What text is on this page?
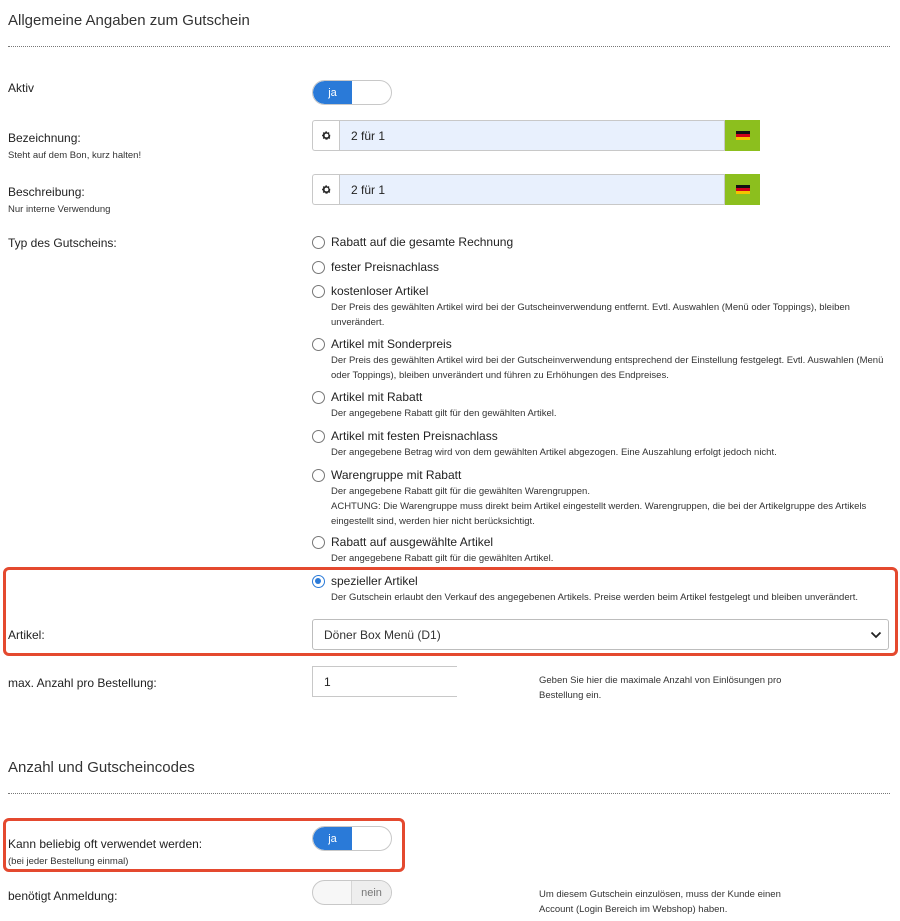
Allgemeine Angaben zum Gutschein
Aktiv	ja
Bezeichnung:
Steht auf dem Bon, kurz halten!
2 für 1
Beschreibung:
Nur interne Verwendung
2 für 1
Typ des Gutscheins:	Rabatt auf die gesamte Rechnung
fester Preisnachlass
kostenloser Artikel
Der Preis des gewählten Artikel wird bei der Gutscheinverwendung entfernt. Evtl. Auswahlen (Menü oder Toppings), bleiben unverändert.
Artikel mit Sonderpreis
Der Preis des gewählten Artikel wird bei der Gutscheinverwendung entsprechend der Einstellung festgelegt. Evtl. Auswahlen (Menü oder Toppings), bleiben unverändert und führen zu Erhöhungen des Endpreises.
Artikel mit Rabatt
Der angegebene Rabatt gilt für den gewählten Artikel.
Artikel mit festen Preisnachlass
Der angegebene Betrag wird von dem gewählten Artikel abgezogen. Eine Auszahlung erfolgt jedoch nicht.
Warengruppe mit Rabatt
Der angegebene Rabatt gilt für die gewählten Warengruppen.
ACHTUNG: Die Warengruppe muss direkt beim Artikel eingestellt werden. Warengruppen, die bei der Artikelgruppe des Artikels eingestellt sind, werden hier nicht berücksichtigt.
Rabatt auf ausgewählte Artikel
Der angegebene Rabatt gilt für die gewählten Artikel.
spezieller Artikel
Der Gutschein erlaubt den Verkauf des angegebenen Artikels. Preise werden beim Artikel festgelegt und bleiben unverändert.
Artikel:	Döner Box Menü (D1)
max. Anzahl pro Bestellung:	1	Geben Sie hier die maximale Anzahl von Einlösungen pro Bestellung ein.
Anzahl und Gutscheincodes
Kann beliebig oft verwendet werden:
(bei jeder Bestellung einmal)
ja
benötigt Anmeldung:	nein	Um diesem Gutschein einzulösen, muss der Kunde einen Account (Login Bereich im Webshop) haben.
